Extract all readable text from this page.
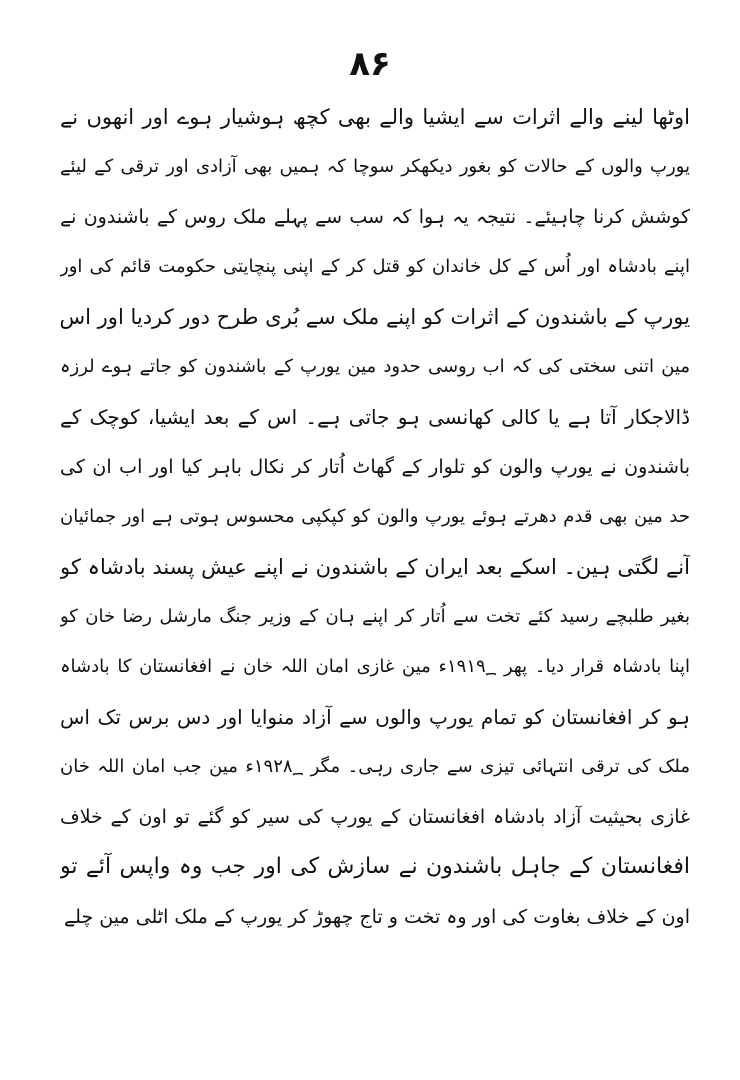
۸۶
اوٹھا لینے والے اثرات سے ایشیا والے بھی کچھ ہوشیار ہوے اور انھوں نے
یورپ والوں کے حالات کو بغور دیکھکر سوچا کہ ہمیں بھی آزادی اور ترقی کے لیئے
کوشش کرنا چاہیئے۔ نتیجہ یہ ہوا کہ سب سے پہلے ملک روس کے باشندون نے
اپنے بادشاہ اور اُس کے کل خاندان کو قتل کر کے اپنی پنچایتی حکومت قائم کی اور
یورپ کے باشندون کے اثرات کو اپنے ملک سے بُری طرح دور کردیا اور اس
مین اتنی سختی کی کہ اب روسی حدود مین یورپ کے باشندون کو جاتے ہوے لرزہ
ڈالاجکار آتا ہے یا کالی کھانسی ہو جاتی ہے۔ اس کے بعد ایشیا، کوچک کے
باشندون نے یورپ والون کو تلوار کے گھاٹ اُتار کر نکال باہر کیا اور اب ان کی
حد مین بھی قدم دھرتے ہوئے یورپ والون کو کپکپی محسوس ہوتی ہے اور جمائیان
آنے لگتی ہین۔ اسکے بعد ایران کے باشندون نے اپنے عیش پسند بادشاہ کو
بغیر طلبچے رسید کئے تخت سے اُتار کر اپنے ہان کے وزیر جنگ مارشل رضا خان کو
اپنا بادشاہ قرار دیا۔ پھر ۱۹۱۹؁ء مین غازی امان اللہ خان نے افغانستان کا بادشاہ
ہو کر افغانستان کو تمام یورپ والوں سے آزاد منوایا اور دس برس تک اس
ملک کی ترقی انتہائی تیزی سے جاری رہی۔ مگر ۱۹۲۸؁ء مین جب امان اللہ خان
غازی بحیثیت آزاد بادشاہ افغانستان کے یورپ کی سیر کو گئے تو اون کے خلاف
افغانستان کے جاہل باشندون نے سازش کی اور جب وہ واپس آئے تو
اون کے خلاف بغاوت کی اور وہ تخت و تاج چھوڑ کر یورپ کے ملک اٹلی مین چلے
